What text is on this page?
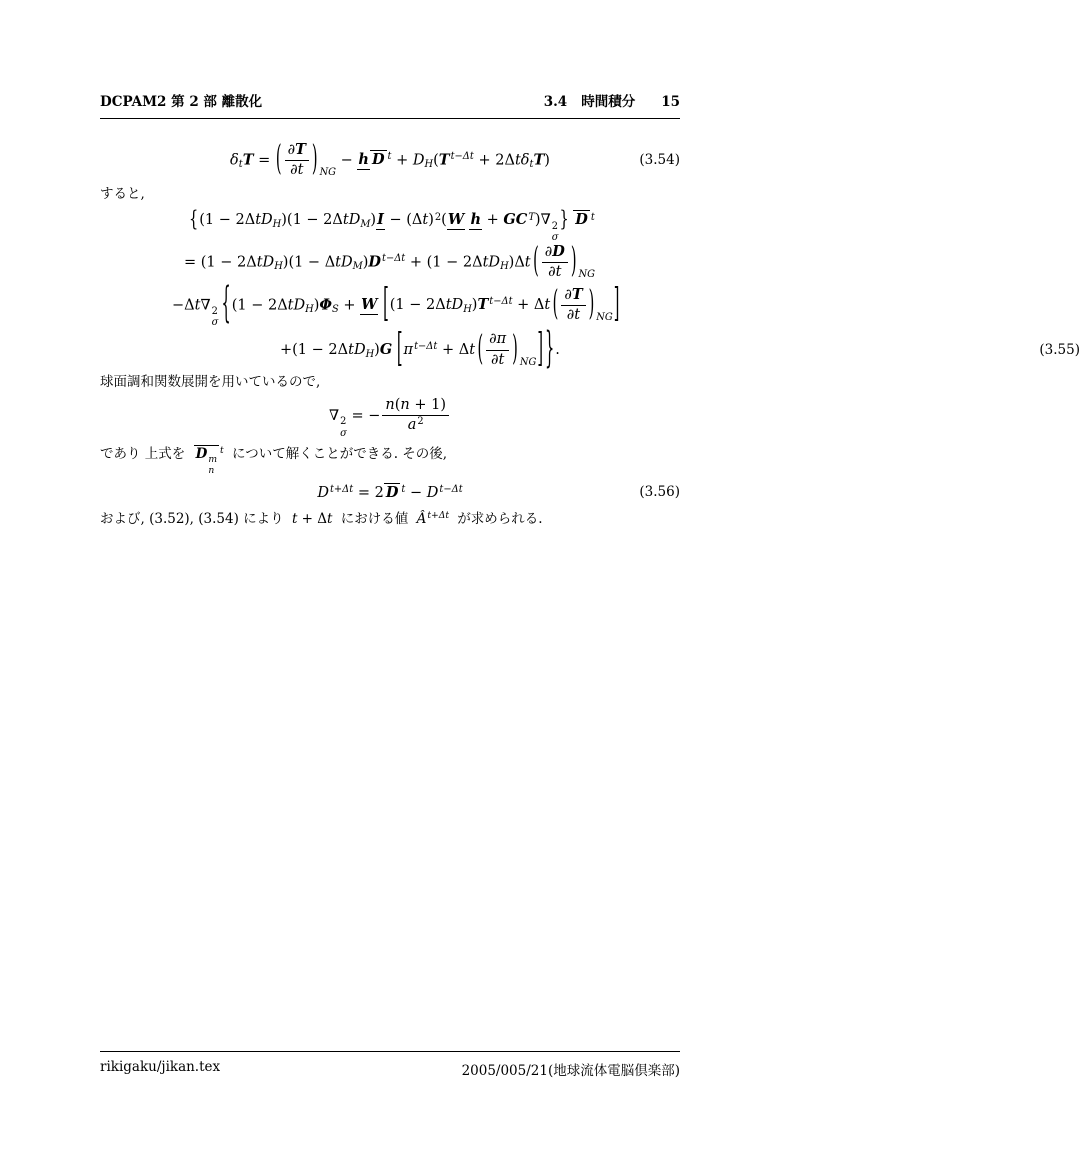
DCPAM2 第 2 部 離散化	3.4 時間積分 15
$\delta_tT$ = ( $\frac{\partial T}{\partial t}$ ) $_{NG}$ − h D $^t + D_H(T^{t-\Delta t} + 2\Delta t\delta_tT)$	(3.54)

すると,

{$(1 - 2\Delta tD_H)(1 - 2\Delta tD_M)I - (\Delta t)^2(W$ $h + GC^T)\nabla$ 2
σ
} D $^t$
= $(1 - 2\Delta tD_H)(1 - \Delta tD_M)D^{t-\Delta t} + (1 - 2\Delta tD_H)\Delta t$ ( $\frac{\partial D}{\partial t}$ ) $_{NG}$
−Δt∇ 2
σ {$(1 - 2\Delta tD_H)\Phi_S + W$ [$(1 - 2\Delta tD_H)T^{t-\Delta t} + \Delta t$ ( $\frac{\partial T}{\partial t}$ ) $_{NG}$]
+(1 − 2ΔtD$_H$)G [$\pi^{t-\Delta t} + \Delta t$ ( $\frac{\partial\pi}{\partial t}$ ) $_{NG}$] }.	(3.55)

球面調和関数展開を用いているので,

∇ 2
σ
= − $\frac{n(n + 1)}{a^2}$

であり 上式を D m
n
$^t$ について解くことができる. その後,

$D^{t+\Delta t} = 2$ D $^t - D^{t-\Delta t}$	(3.56)

および, (3.52), (3.54) により t + Δt における値 $Â^{t+\Delta t}$ が求められる.

rikigaku/jikan.tex	2005/005/21(地球流体電脳倶楽部)
